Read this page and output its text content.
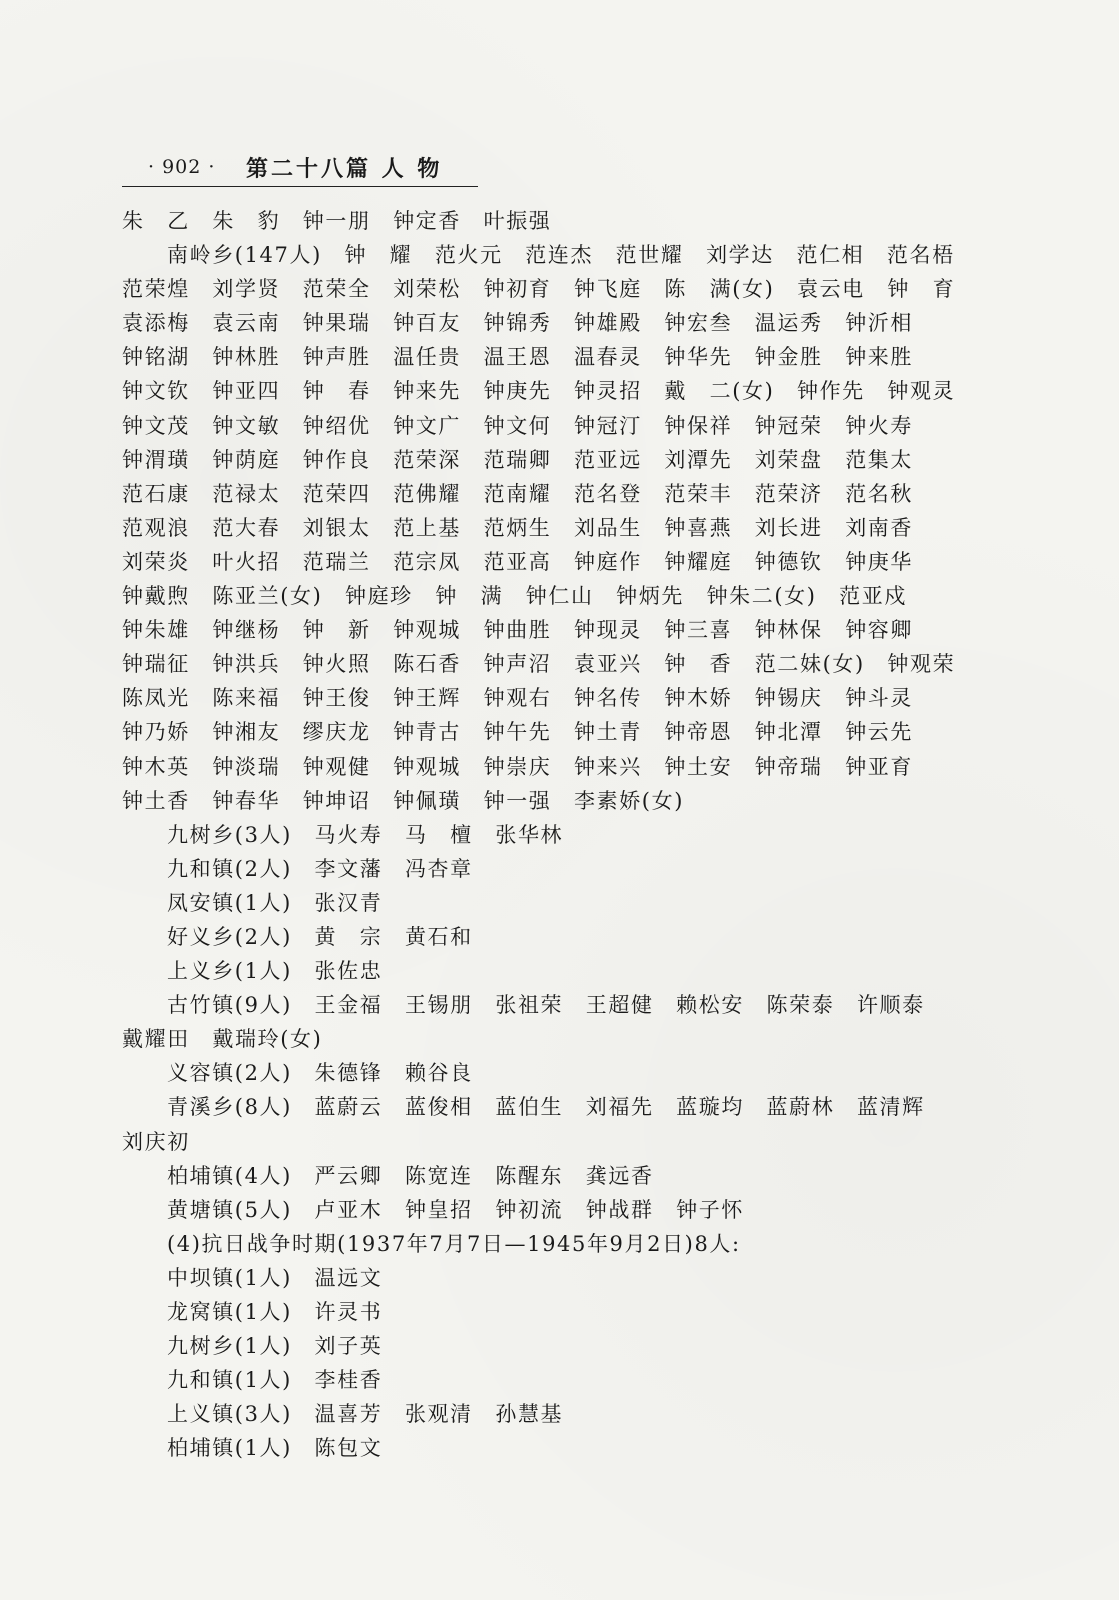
· 902 · 第二十八篇 人 物
朱　乙　朱　豹　钟一朋　钟定香　叶振强
南岭乡(147人)　钟　耀　范火元　范连杰　范世耀　刘学达　范仁相　范名梧
范荣煌　刘学贤　范荣全　刘荣松　钟初育　钟飞庭　陈　满(女)　袁云电　钟　育
袁添梅　袁云南　钟果瑞　钟百友　钟锦秀　钟雄殿　钟宏叁　温运秀　钟沂相
钟铭湖　钟林胜　钟声胜　温任贵　温王恩　温春灵　钟华先　钟金胜　钟来胜
钟文钦　钟亚四　钟　春　钟来先　钟庚先　钟灵招　戴　二(女)　钟作先　钟观灵
钟文茂　钟文敏　钟绍优　钟文广　钟文何　钟冠汀　钟保祥　钟冠荣　钟火寿
钟渭璜　钟荫庭　钟作良　范荣深　范瑞卿　范亚远　刘潭先　刘荣盘　范集太
范石康　范禄太　范荣四　范佛耀　范南耀　范名登　范荣丰　范荣济　范名秋
范观浪　范大春　刘银太　范上基　范炳生　刘品生　钟喜燕　刘长进　刘南香
刘荣炎　叶火招　范瑞兰　范宗凤　范亚高　钟庭作　钟耀庭　钟德钦　钟庚华
钟戴煦　陈亚兰(女)　钟庭珍　钟　满　钟仁山　钟炳先　钟朱二(女)　范亚戍
钟朱雄　钟继杨　钟　新　钟观城　钟曲胜　钟现灵　钟三喜　钟林保　钟容卿
钟瑞征　钟洪兵　钟火照　陈石香　钟声沼　袁亚兴　钟　香　范二妹(女)　钟观荣
陈凤光　陈来福　钟王俊　钟王辉　钟观右　钟名传　钟木娇　钟锡庆　钟斗灵
钟乃娇　钟湘友　缪庆龙　钟青古　钟午先　钟土青　钟帝恩　钟北潭　钟云先
钟木英　钟淡瑞　钟观健　钟观城　钟崇庆　钟来兴　钟土安　钟帝瑞　钟亚育
钟土香　钟春华　钟坤诏　钟佩璜　钟一强　李素娇(女)
九树乡(3人)　马火寿　马　檀　张华林
九和镇(2人)　李文藩　冯杏章
凤安镇(1人)　张汉青
好义乡(2人)　黄　宗　黄石和
上义乡(1人)　张佐忠
古竹镇(9人)　王金福　王锡朋　张祖荣　王超健　赖松安　陈荣泰　许顺泰
戴耀田　戴瑞玲(女)
义容镇(2人)　朱德锋　赖谷良
青溪乡(8人)　蓝蔚云　蓝俊相　蓝伯生　刘福先　蓝璇均　蓝蔚林　蓝清辉
刘庆初
柏埔镇(4人)　严云卿　陈宽连　陈醒东　龚远香
黄塘镇(5人)　卢亚木　钟皇招　钟初流　钟战群　钟子怀
(4)抗日战争时期(1937年7月7日—1945年9月2日)8人:
中坝镇(1人)　温远文
龙窝镇(1人)　许灵书
九树乡(1人)　刘子英
九和镇(1人)　李桂香
上义镇(3人)　温喜芳　张观清　孙慧基
柏埔镇(1人)　陈包文
